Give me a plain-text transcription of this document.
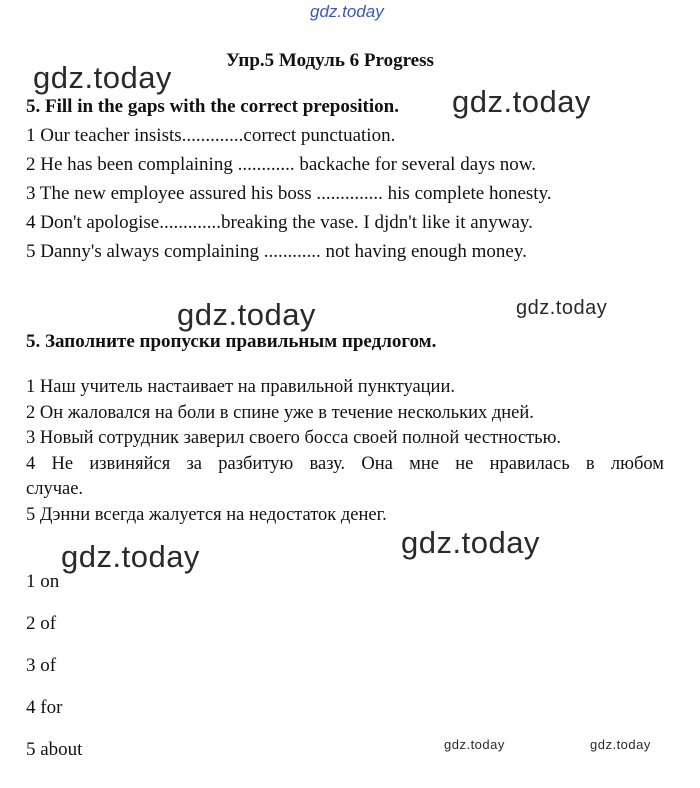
gdz.today
Упр.5 Модуль 6 Progress
5. Fill in the gaps with the correct preposition.
1 Our teacher insists.............correct punctuation.
2 He has been complaining ............ backache for several days now.
3 The new employee assured his boss .............. his complete honesty.
4 Don't apologise.............breaking the vase. I djdn't like it anyway.
5 Danny's always complaining ............ not having enough money.
5. Заполните пропуски правильным предлогом.

1 Наш учитель настаивает на правильной пунктуации.

2 Он жаловался на боли в спине уже в течение нескольких дней.

3 Новый сотрудник заверил своего босса своей полной честностью.

4 Не извиняйся за разбитую вазу. Она мне не нравилась в любом

случае.

5 Дэнни всегда жалуется на недостаток денег.

1 on
2 of
3 of
4 for
5 about
gdz.today
gdz.today
gdz.today	gdz.today
gdz.today	gdz.today
gdz.today	gdz.today
